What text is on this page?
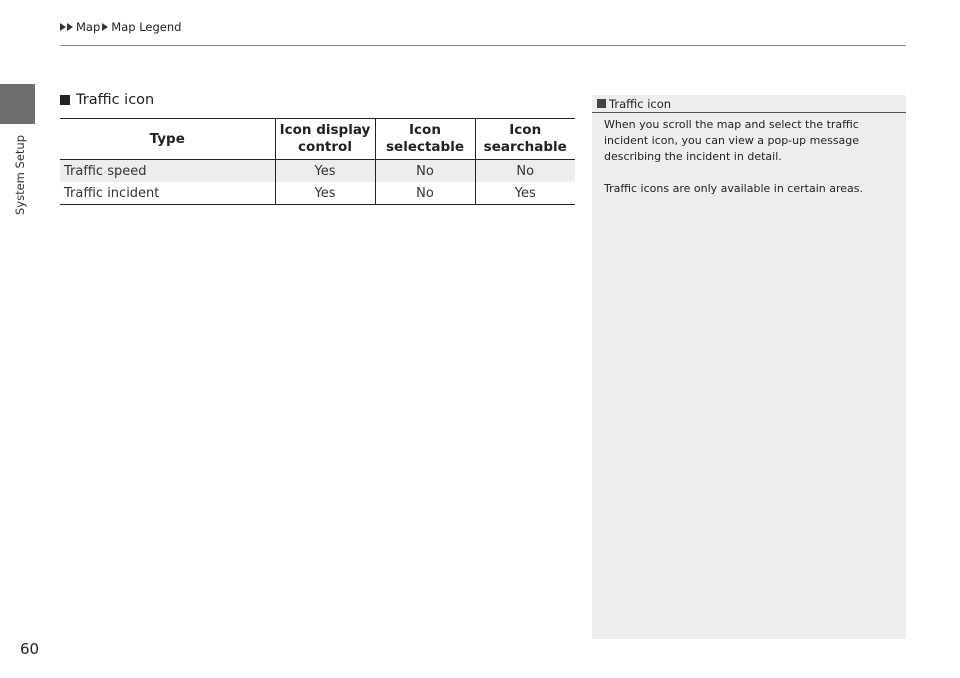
Map Map Legend
System Setup
Traffic icon
Type	Icon display control	Icon selectable	Icon searchable
Traffic speed	Yes	No	No
Traffic incident	Yes	No	Yes
Traffic icon

When you scroll the map and select the traffic incident icon, you can view a pop-up message describing the incident in detail.

Traffic icons are only available in certain areas.

60
